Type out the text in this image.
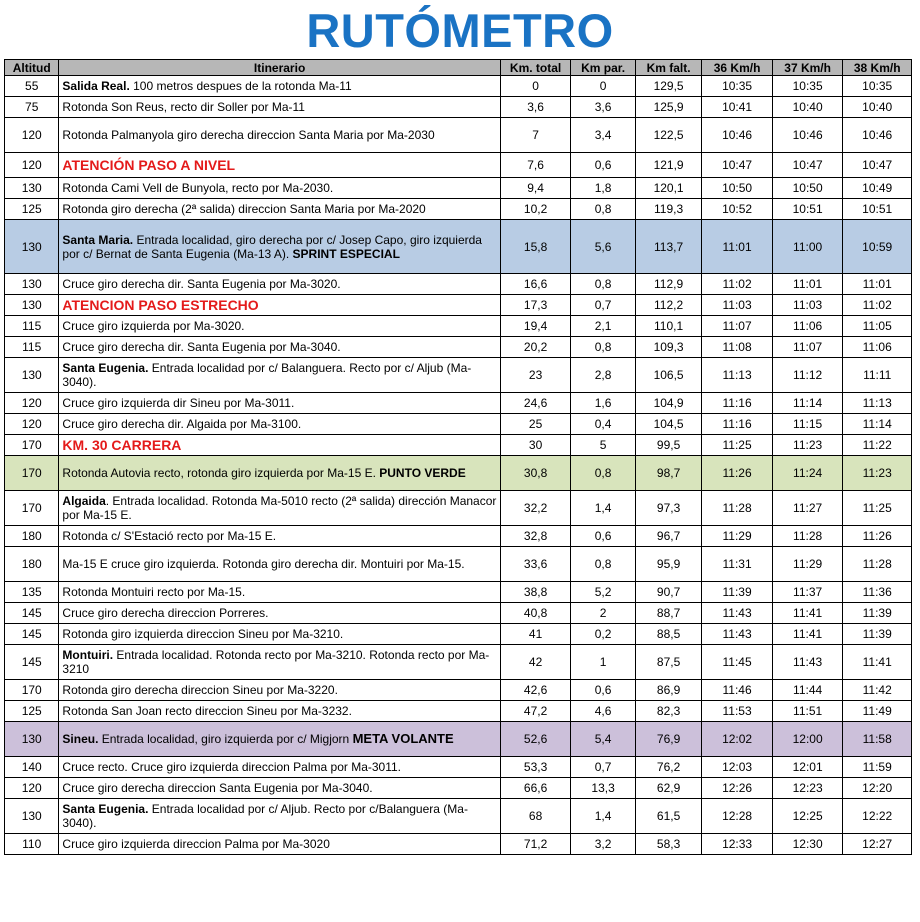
RUTÓMETRO
Altitud	Itinerario	Km. total	Km par.	Km falt.	36 Km/h	37 Km/h	38 Km/h
55	Salida Real. 100 metros despues de la rotonda Ma-11	0	0	129,5	10:35	10:35	10:35
75	Rotonda Son Reus, recto dir Soller por Ma-11	3,6	3,6	125,9	10:41	10:40	10:40
120	Rotonda Palmanyola giro derecha direccion Santa Maria por Ma-2030	7	3,4	122,5	10:46	10:46	10:46
120	ATENCIÓN PASO A NIVEL	7,6	0,6	121,9	10:47	10:47	10:47
130	Rotonda Cami Vell de Bunyola, recto por Ma-2030.	9,4	1,8	120,1	10:50	10:50	10:49
125	Rotonda giro derecha (2ª salida) direccion Santa Maria por Ma-2020	10,2	0,8	119,3	10:52	10:51	10:51
130	Santa Maria. Entrada localidad, giro derecha por c/ Josep Capo, giro izquierda por c/ Bernat de Santa Eugenia (Ma-13 A). SPRINT ESPECIAL	15,8	5,6	113,7	11:01	11:00	10:59
130	Cruce giro derecha dir. Santa Eugenia por Ma-3020.	16,6	0,8	112,9	11:02	11:01	11:01
130	ATENCION PASO ESTRECHO	17,3	0,7	112,2	11:03	11:03	11:02
115	Cruce giro izquierda por Ma-3020.	19,4	2,1	110,1	11:07	11:06	11:05
115	Cruce giro derecha dir. Santa Eugenia por Ma-3040.	20,2	0,8	109,3	11:08	11:07	11:06
130	Santa Eugenia. Entrada localidad por c/ Balanguera. Recto por c/ Aljub (Ma-3040).	23	2,8	106,5	11:13	11:12	11:11
120	Cruce giro izquierda dir Sineu por Ma-3011.	24,6	1,6	104,9	11:16	11:14	11:13
120	Cruce giro derecha dir. Algaida por Ma-3100.	25	0,4	104,5	11:16	11:15	11:14
170	KM. 30 CARRERA	30	5	99,5	11:25	11:23	11:22
170	Rotonda Autovia recto, rotonda giro izquierda por Ma-15 E. PUNTO VERDE	30,8	0,8	98,7	11:26	11:24	11:23
170	Algaida. Entrada localidad. Rotonda Ma-5010 recto (2ª salida) dirección Manacor por Ma-15 E.	32,2	1,4	97,3	11:28	11:27	11:25
180	Rotonda c/ S'Estació recto por Ma-15 E.	32,8	0,6	96,7	11:29	11:28	11:26
180	Ma-15 E cruce giro izquierda. Rotonda giro derecha dir. Montuiri por Ma-15.	33,6	0,8	95,9	11:31	11:29	11:28
135	Rotonda Montuiri recto por Ma-15.	38,8	5,2	90,7	11:39	11:37	11:36
145	Cruce giro derecha direccion Porreres.	40,8	2	88,7	11:43	11:41	11:39
145	Rotonda giro izquierda direccion Sineu por Ma-3210.	41	0,2	88,5	11:43	11:41	11:39
145	Montuiri. Entrada localidad. Rotonda recto por Ma-3210. Rotonda recto por Ma-3210	42	1	87,5	11:45	11:43	11:41
170	Rotonda giro derecha direccion Sineu por Ma-3220.	42,6	0,6	86,9	11:46	11:44	11:42
125	Rotonda San Joan recto direccion Sineu por Ma-3232.	47,2	4,6	82,3	11:53	11:51	11:49
130	Sineu. Entrada localidad, giro izquierda por c/ Migjorn META VOLANTE	52,6	5,4	76,9	12:02	12:00	11:58
140	Cruce recto. Cruce giro izquierda direccion Palma por Ma-3011.	53,3	0,7	76,2	12:03	12:01	11:59
120	Cruce giro derecha direccion Santa Eugenia por Ma-3040.	66,6	13,3	62,9	12:26	12:23	12:20
130	Santa Eugenia. Entrada localidad por c/ Aljub. Recto por c/Balanguera (Ma-3040).	68	1,4	61,5	12:28	12:25	12:22
110	Cruce giro izquierda direccion Palma por Ma-3020	71,2	3,2	58,3	12:33	12:30	12:27
